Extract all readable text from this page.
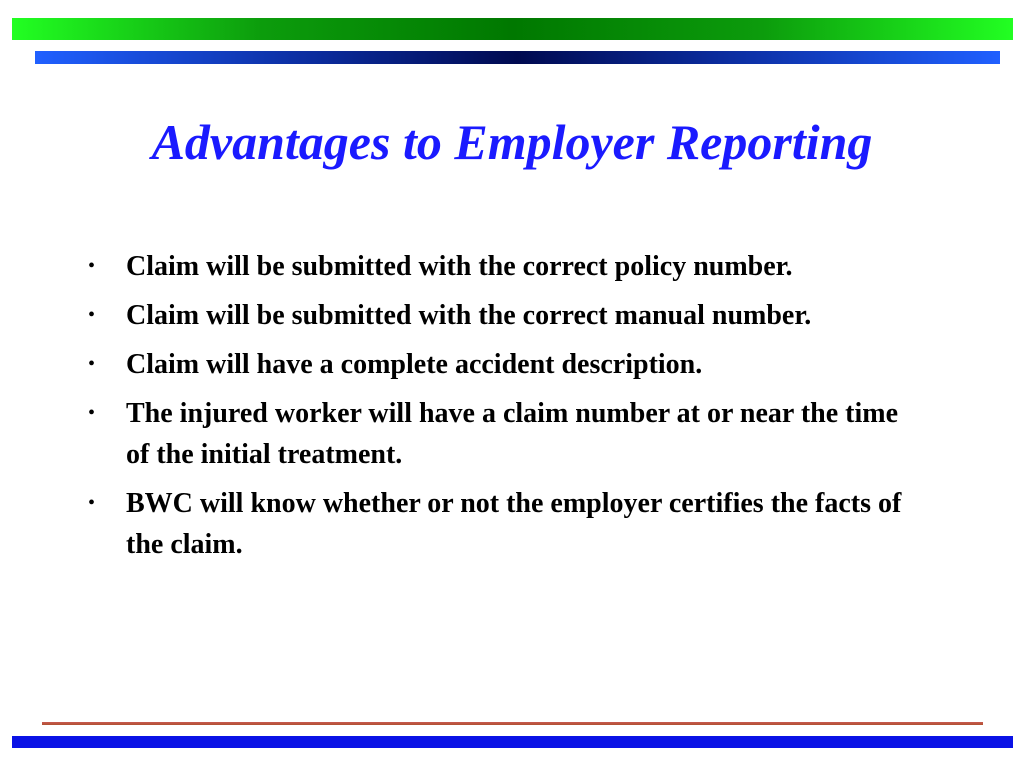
Advantages to Employer Reporting
• Claim will be submitted with the correct policy number.
• Claim will be submitted with the correct manual number.
• Claim will have a complete accident description.
• The injured worker will have a claim number at or near the time of the initial treatment.
• BWC will know whether or not the employer certifies the facts of the claim.
